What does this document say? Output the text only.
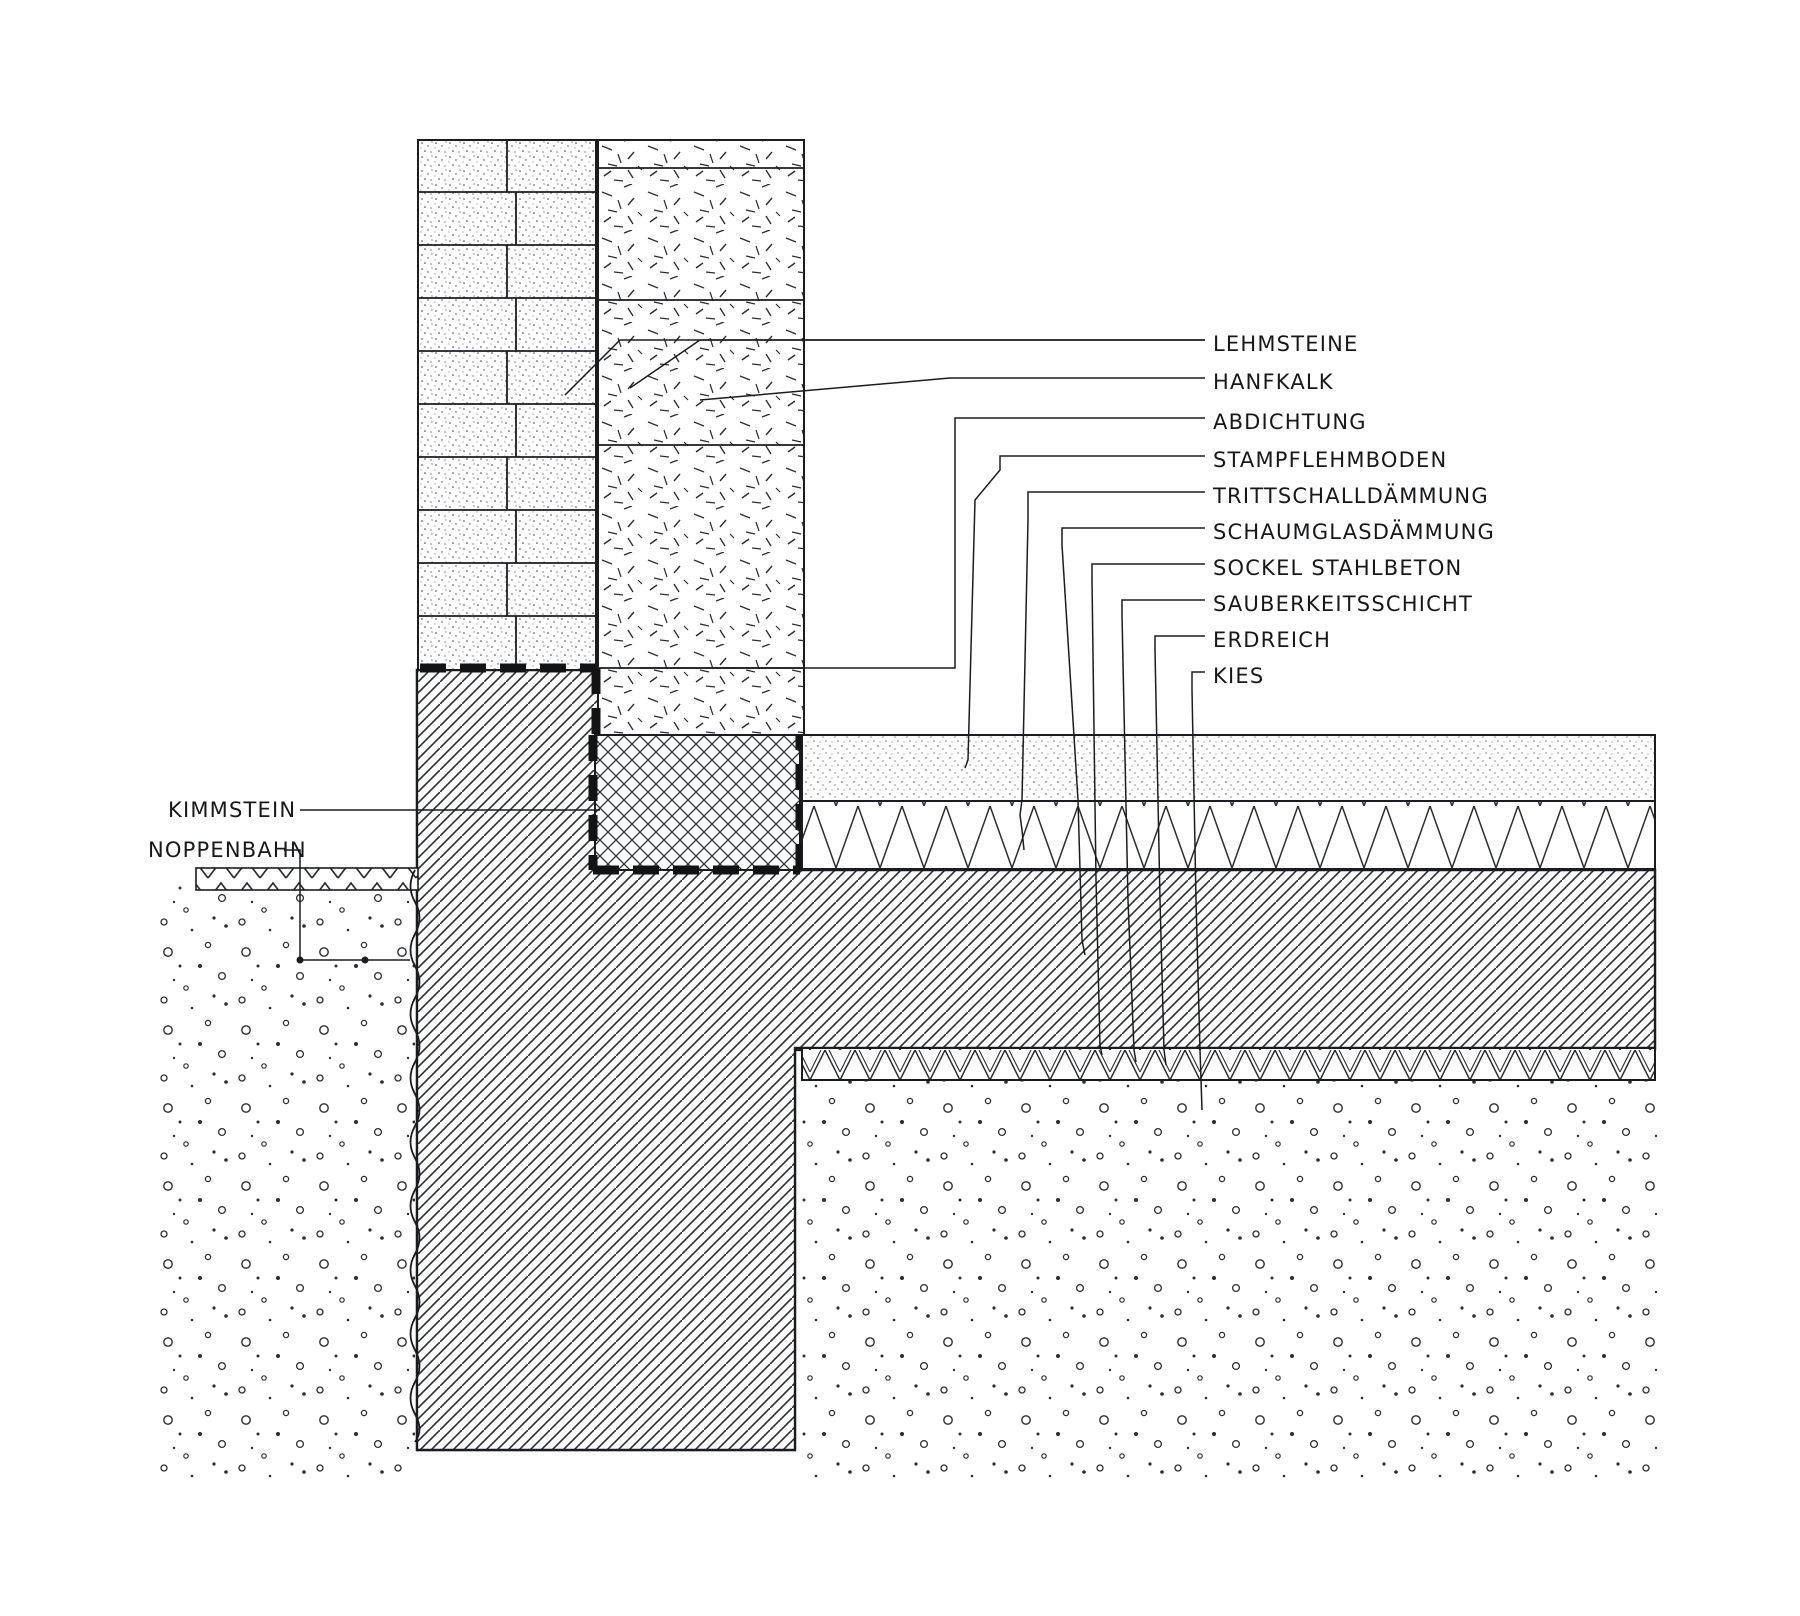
LEHMSTEINE
HANFKALK
ABDICHTUNG
STAMPFLEHMBODEN
TRITTSCHALLDÄMMUNG
SCHAUMGLASDÄMMUNG
SOCKEL STAHLBETON
SAUBERKEITSSCHICHT
ERDREICH
KIES
KIMMSTEIN
NOPPENBAHN
